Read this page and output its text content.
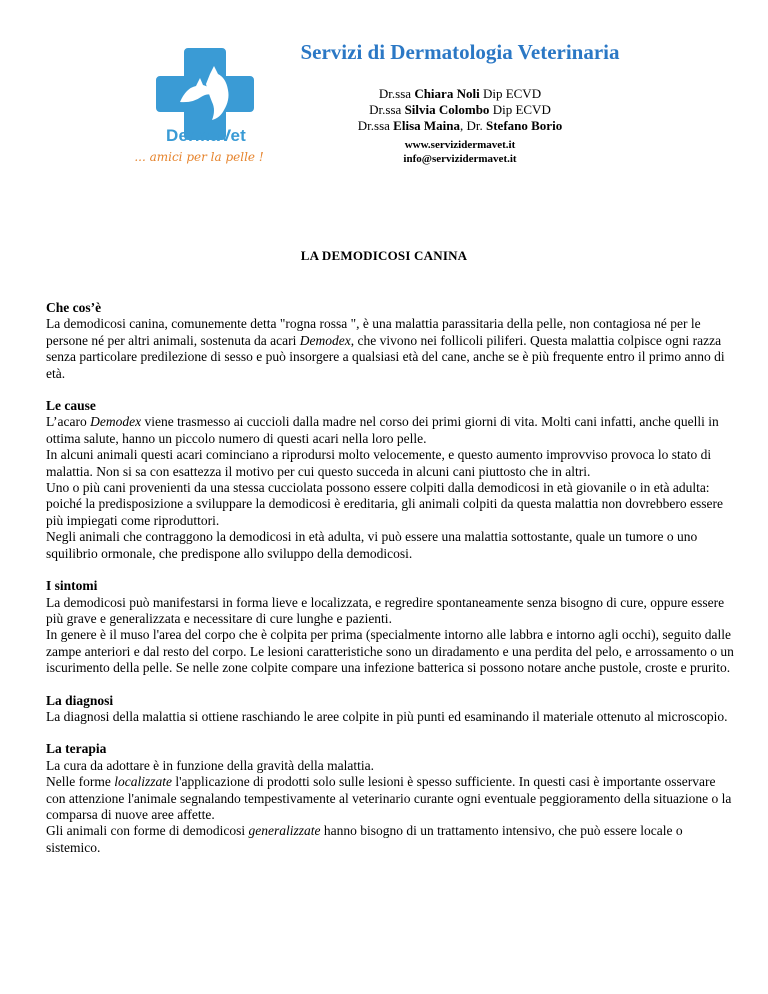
DermaVet
... amici per la pelle !
Servizi di Dermatologia Veterinaria
Dr.ssa Chiara Noli Dip ECVD
Dr.ssa Silvia Colombo Dip ECVD
Dr.ssa Elisa Maina, Dr. Stefano Borio
www.servizidermavet.it
info@servizidermavet.it
LA DEMODICOSI CANINA
Che cos’è

La demodicosi canina, comunemente detta "rogna rossa ", è una malattia parassitaria della pelle, non contagiosa né per le persone né per altri animali, sostenuta da acari Demodex, che vivono nei follicoli piliferi. Questa malattia colpisce ogni razza senza particolare predilezione di sesso e può insorgere a qualsiasi età del cane, anche se è più frequente entro il primo anno di età.

Le cause

L’acaro Demodex viene trasmesso ai cuccioli dalla madre nel corso dei primi giorni di vita. Molti cani infatti, anche quelli in ottima salute, hanno un piccolo numero di questi acari nella loro pelle.

In alcuni animali questi acari cominciano a riprodursi molto velocemente, e questo aumento improvviso provoca lo stato di malattia. Non si sa con esattezza il motivo per cui questo succeda in alcuni cani piuttosto che in altri.

Uno o più cani provenienti da una stessa cucciolata possono essere colpiti dalla demodicosi in età giovanile o in età adulta: poiché la predisposizione a sviluppare la demodicosi è ereditaria, gli animali colpiti da questa malattia non dovrebbero essere più impiegati come riproduttori.

Negli animali che contraggono la demodicosi in età adulta, vi può essere una malattia sottostante, quale un tumore o uno squilibrio ormonale, che predispone allo sviluppo della demodicosi.

I sintomi

La demodicosi può manifestarsi in forma lieve e localizzata, e regredire spontaneamente senza bisogno di cure, oppure essere più grave e generalizzata e necessitare di cure lunghe e pazienti.

In genere è il muso l'area del corpo che è colpita per prima (specialmente intorno alle labbra e intorno agli occhi), seguito dalle zampe anteriori e dal resto del corpo. Le lesioni caratteristiche sono un diradamento e una perdita del pelo, e arrossamento o un iscurimento della pelle. Se nelle zone colpite compare una infezione batterica si possono notare anche pustole, croste e prurito.

La diagnosi

La diagnosi della malattia si ottiene raschiando le aree colpite in più punti ed esaminando il materiale ottenuto al microscopio.

La terapia

La cura da adottare è in funzione della gravità della malattia.

Nelle forme localizzate l'applicazione di prodotti solo sulle lesioni è spesso sufficiente. In questi casi è importante osservare con attenzione l'animale segnalando tempestivamente al veterinario curante ogni eventuale peggioramento della situazione o la comparsa di nuove aree affette.

Gli animali con forme di demodicosi generalizzate hanno bisogno di un trattamento intensivo, che può essere locale o sistemico.
